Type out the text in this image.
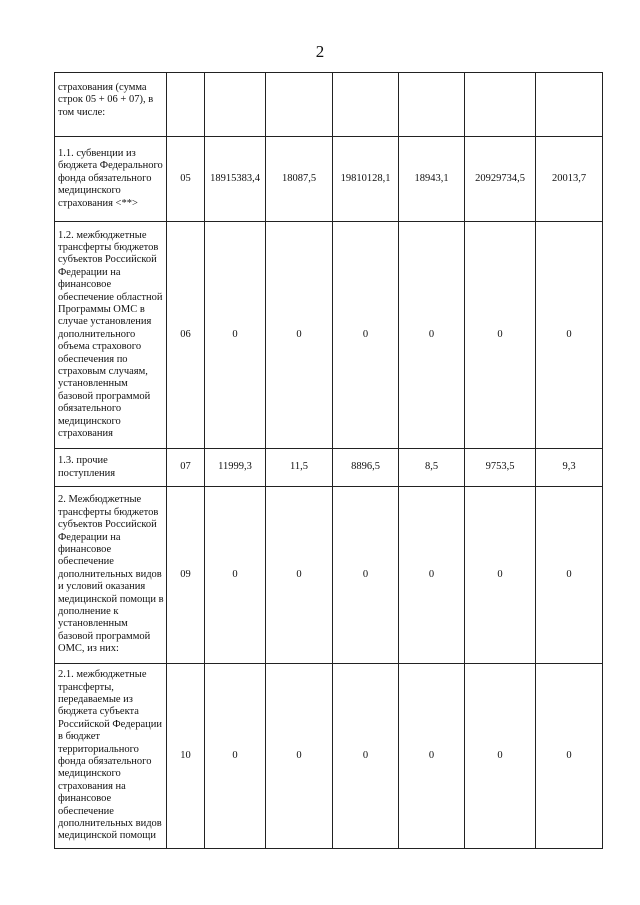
2
страхования (сумма строк 05 + 06 + 07), в том числе:							
1.1. субвенции из бюджета Федерального фонда обязательного медицинского страхования <**>	05	18915383,4	18087,5	19810128,1	18943,1	20929734,5	20013,7
1.2. межбюджетные трансферты бюджетов субъектов Российской Федерации на финансовое обеспечение областной Программы ОМС в случае установления дополнительного объема страхового обеспечения по страховым случаям, установленным базовой программой обязательного медицинского страхования	06	0	0	0	0	0	0
1.3. прочие поступления	07	11999,3	11,5	8896,5	8,5	9753,5	9,3
2. Межбюджетные трансферты бюджетов субъектов Российской Федерации на финансовое обеспечение дополнительных видов и условий оказания медицинской помощи в дополнение к установленным базовой программой ОМС, из них:	09	0	0	0	0	0	0
2.1. межбюджетные трансферты, передаваемые из бюджета субъекта Российской Федерации в бюджет территориального фонда обязательного медицинского страхования на финансовое обеспечение дополнительных видов медицинской помощи	10	0	0	0	0	0	0
